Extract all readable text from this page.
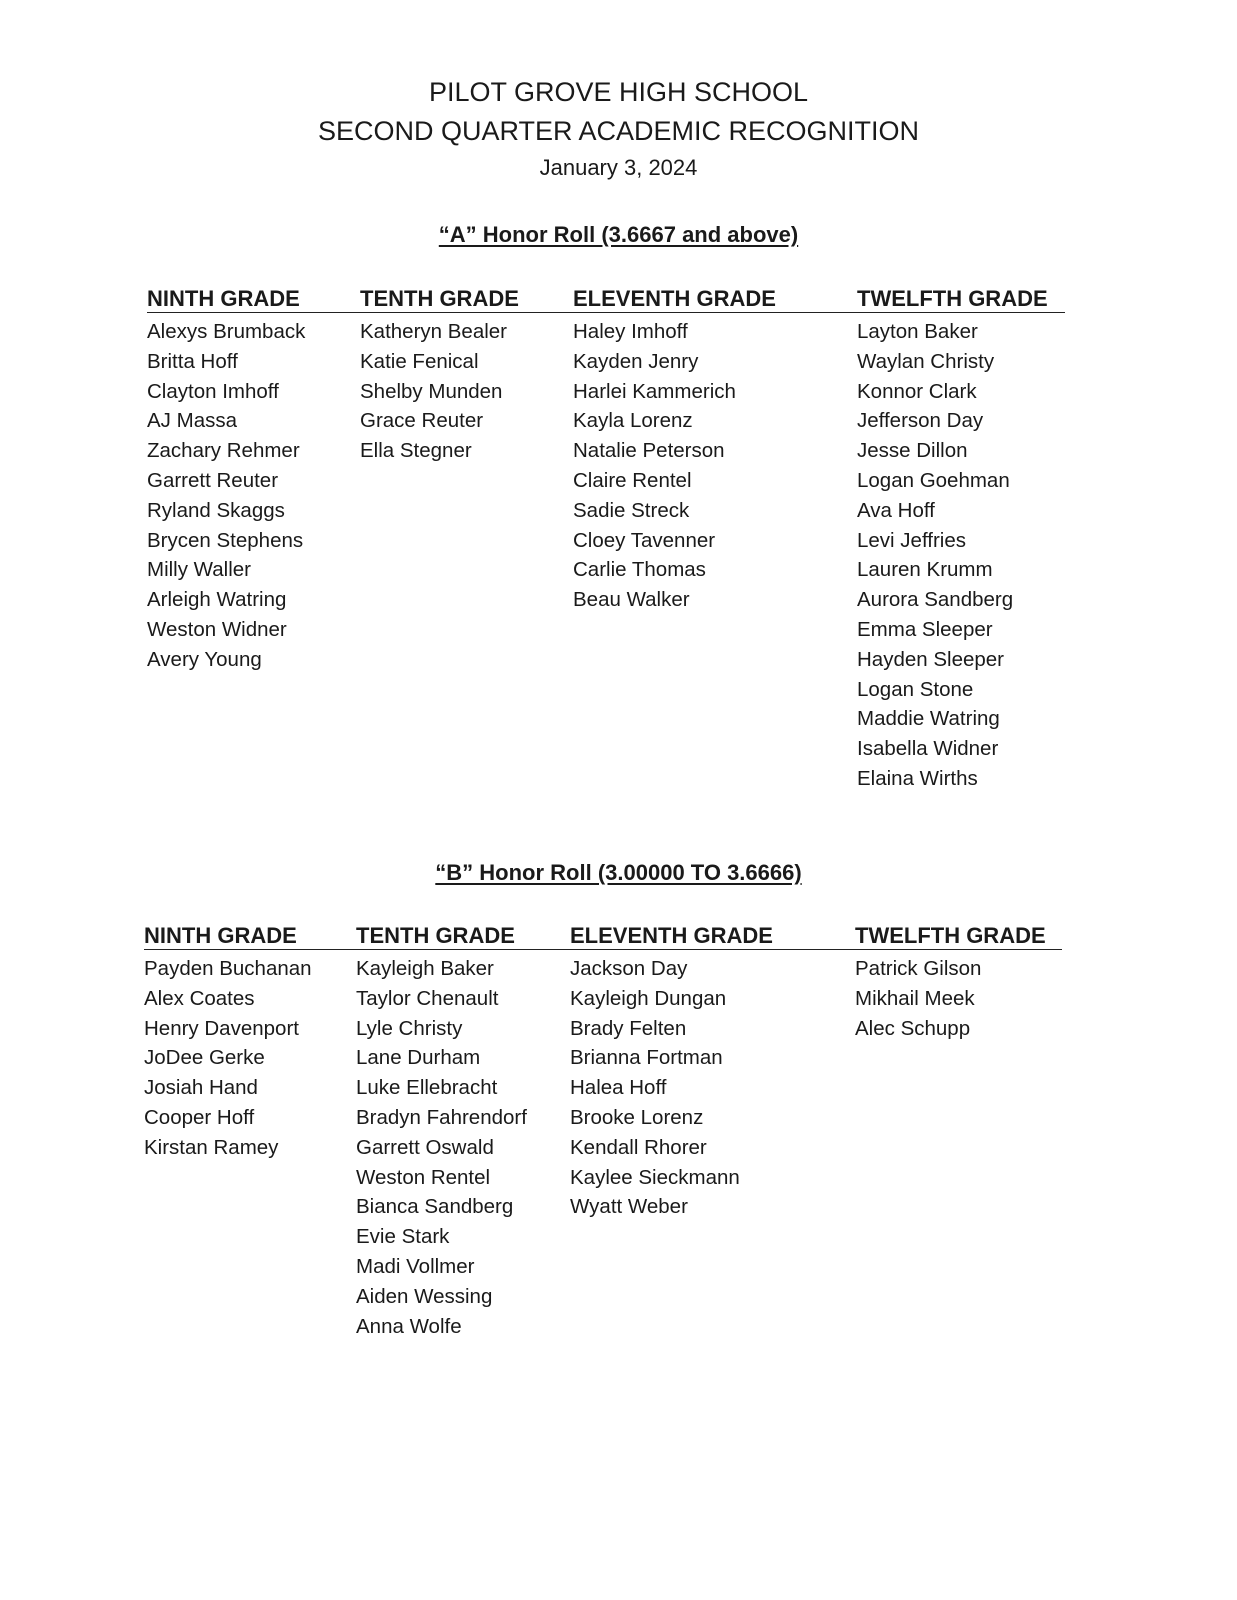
PILOT GROVE HIGH SCHOOL
SECOND QUARTER ACADEMIC RECOGNITION
January 3, 2024
“A” Honor Roll (3.6667 and above)
NINTH GRADE
Alexys Brumback
Britta Hoff
Clayton Imhoff
AJ Massa
Zachary Rehmer
Garrett Reuter
Ryland Skaggs
Brycen Stephens
Milly Waller
Arleigh Watring
Weston Widner
Avery Young
TENTH GRADE
Katheryn Bealer
Katie Fenical
Shelby Munden
Grace Reuter
Ella Stegner
ELEVENTH GRADE
Haley Imhoff
Kayden Jenry
Harlei Kammerich
Kayla Lorenz
Natalie Peterson
Claire Rentel
Sadie Streck
Cloey Tavenner
Carlie Thomas
Beau Walker
TWELFTH GRADE
Layton Baker
Waylan Christy
Konnor Clark
Jefferson Day
Jesse Dillon
Logan Goehman
Ava Hoff
Levi Jeffries
Lauren Krumm
Aurora Sandberg
Emma Sleeper
Hayden Sleeper
Logan Stone
Maddie Watring
Isabella Widner
Elaina Wirths
“B” Honor Roll (3.00000 TO 3.6666)
NINTH GRADE
Payden Buchanan
Alex Coates
Henry Davenport
JoDee Gerke
Josiah Hand
Cooper Hoff
Kirstan Ramey
TENTH GRADE
Kayleigh Baker
Taylor Chenault
Lyle Christy
Lane Durham
Luke Ellebracht
Bradyn Fahrendorf
Garrett Oswald
Weston Rentel
Bianca Sandberg
Evie Stark
Madi Vollmer
Aiden Wessing
Anna Wolfe
ELEVENTH GRADE
Jackson Day
Kayleigh Dungan
Brady Felten
Brianna Fortman
Halea Hoff
Brooke Lorenz
Kendall Rhorer
Kaylee Sieckmann
Wyatt Weber
TWELFTH GRADE
Patrick Gilson
Mikhail Meek
Alec Schupp
